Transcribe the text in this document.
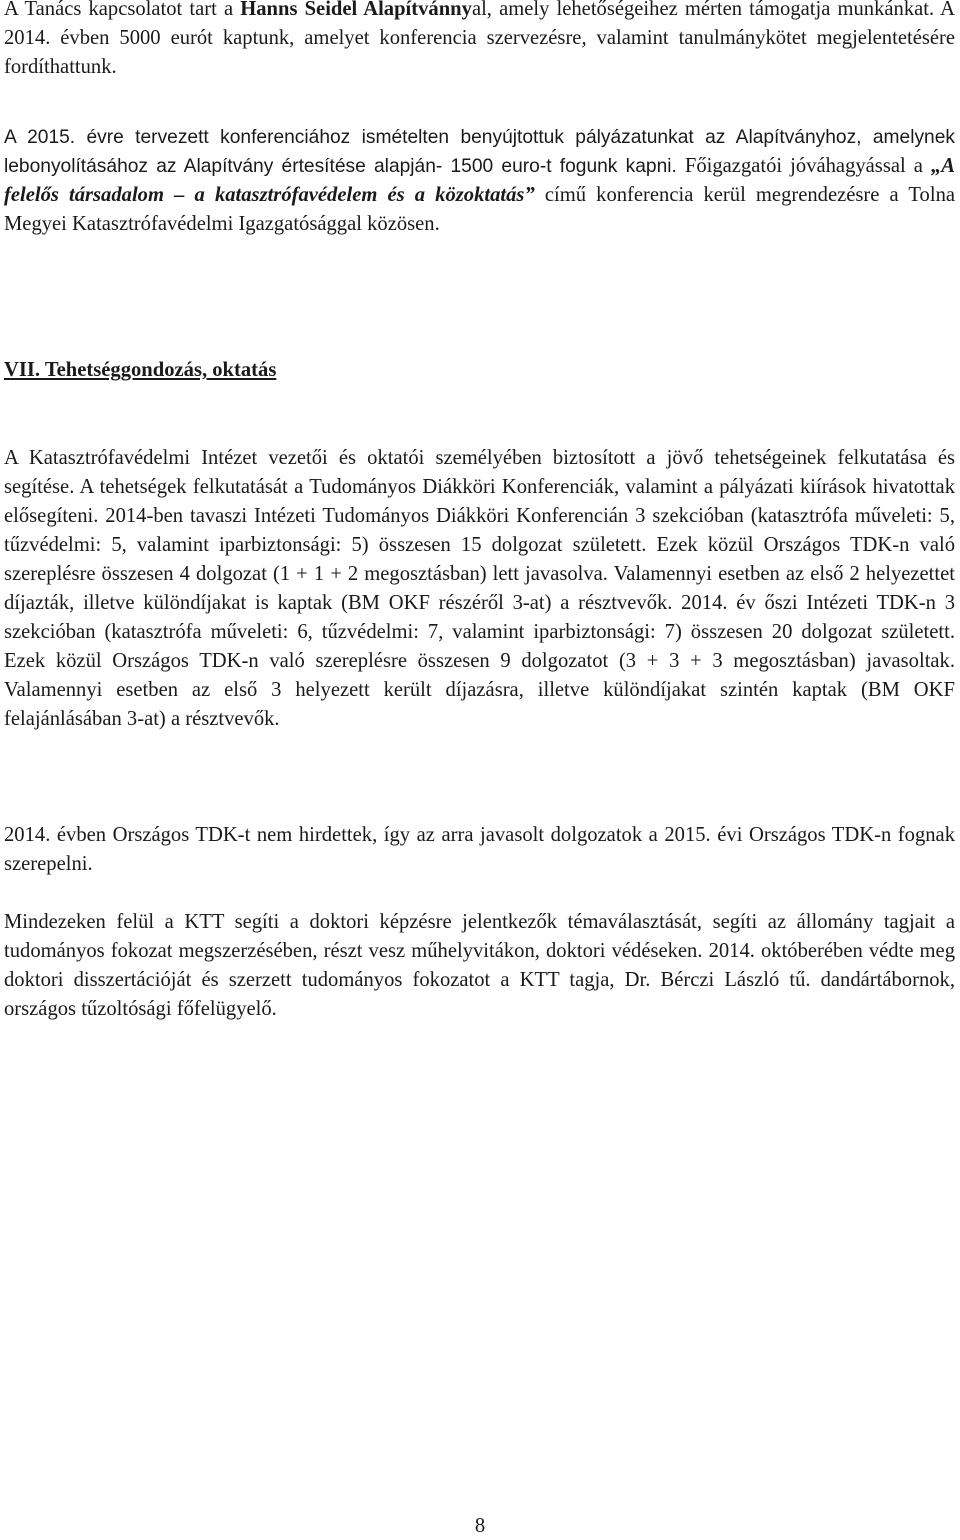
A Tanács kapcsolatot tart a Hanns Seidel Alapítvánnyal, amely lehetőségeihez mérten támogatja munkánkat. A 2014. évben 5000 eurót kaptunk, amelyet konferencia szervezésre, valamint tanulmánykötet megjelentetésére fordíthattunk.

A 2015. évre tervezett konferenciához ismételten benyújtottuk pályázatunkat az Alapítványhoz, amelynek lebonyolításához az Alapítvány értesítése alapján- 1500 euro-t fogunk kapni. Főigazgatói jóváhagyással a „A felelős társadalom – a katasztrófavédelem és a közoktatás” című konferencia kerül megrendezésre a Tolna Megyei Katasztrófavédelmi Igazgatósággal közösen.

VII. Tehetséggondozás, oktatás

A Katasztrófavédelmi Intézet vezetői és oktatói személyében biztosított a jövő tehetségeinek felkutatása és segítése. A tehetségek felkutatását a Tudományos Diákköri Konferenciák, valamint a pályázati kiírások hivatottak elősegíteni. 2014-ben tavaszi Intézeti Tudományos Diákköri Konferencián 3 szekcióban (katasztrófa műveleti: 5, tűzvédelmi: 5, valamint iparbiztonsági: 5) összesen 15 dolgozat született. Ezek közül Országos TDK-n való szereplésre összesen 4 dolgozat (1 + 1 + 2 megosztásban) lett javasolva. Valamennyi esetben az első 2 helyezettet díjazták, illetve különdíjakat is kaptak (BM OKF részéről 3-at) a résztvevők. 2014. év őszi Intézeti TDK-n 3 szekcióban (katasztrófa műveleti: 6, tűzvédelmi: 7, valamint iparbiztonsági: 7) összesen 20 dolgozat született. Ezek közül Országos TDK-n való szereplésre összesen 9 dolgozatot (3 + 3 + 3 megosztásban) javasoltak. Valamennyi esetben az első 3 helyezett került díjazásra, illetve különdíjakat szintén kaptak (BM OKF felajánlásában 3-at) a résztvevők.

2014. évben Országos TDK-t nem hirdettek, így az arra javasolt dolgozatok a 2015. évi Országos TDK-n fognak szerepelni.

Mindezeken felül a KTT segíti a doktori képzésre jelentkezők témaválasztását, segíti az állomány tagjait a tudományos fokozat megszerzésében, részt vesz műhelyvitákon, doktori védéseken. 2014. októberében védte meg doktori disszertációját és szerzett tudományos fokozatot a KTT tagja, Dr. Bérczi László tű. dandártábornok, országos tűzoltósági főfelügyelő.

8
